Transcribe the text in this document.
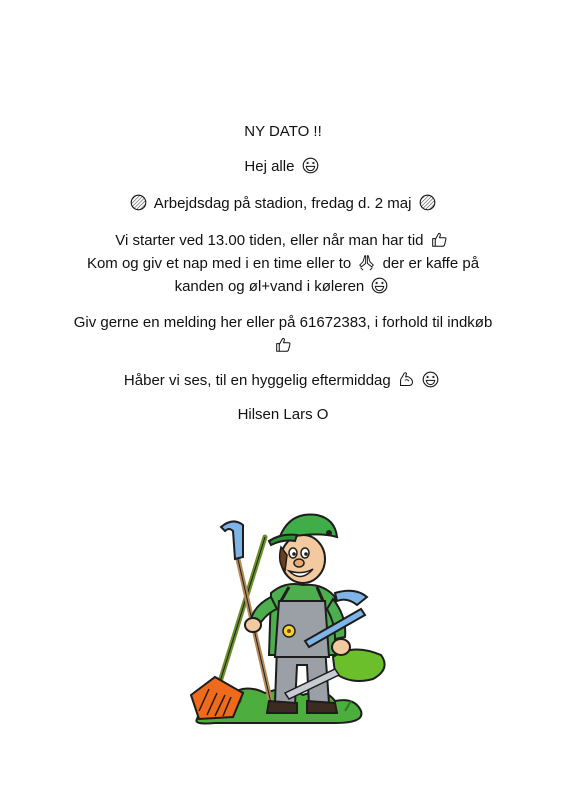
NY DATO !!
Hej alle
Arbejdsdag på stadion, fredag d. 2 maj
Vi starter ved 13.00 tiden, eller når man har tid
Kom og giv et nap med i en time eller to der er kaffe på
kanden og øl+vand i køleren
Giv gerne en melding her eller på 61672383, i forhold til indkøb
Håber vi ses, til en hyggelig eftermiddag

Hilsen Lars O
